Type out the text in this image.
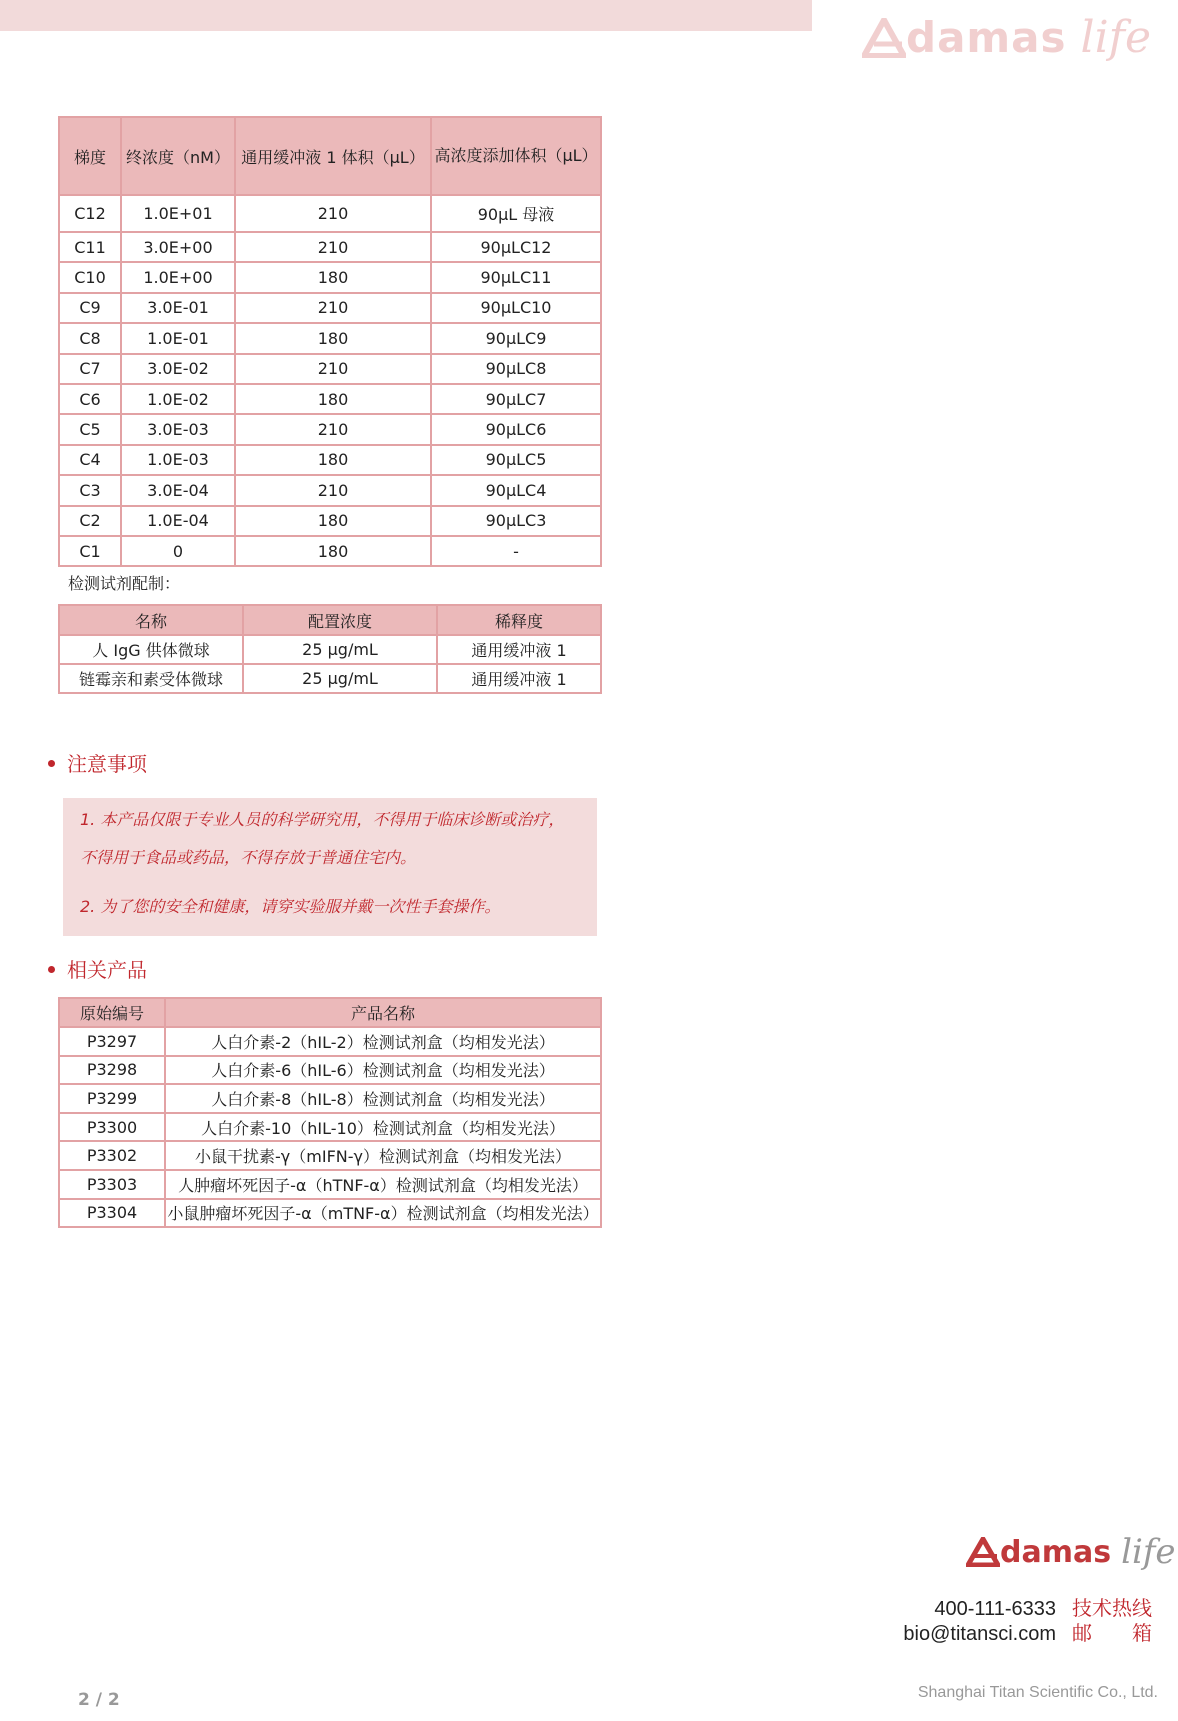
damas life
梯度	终浓度（nM）	通用缓冲液 1 体积（μL）	高浓度添加体积（μL）
C12	1.0E+01	210	90μL 母液
C11	3.0E+00	210	90μLC12
C10	1.0E+00	180	90μLC11
C9	3.0E-01	210	90μLC10
C8	1.0E-01	180	90μLC9
C7	3.0E-02	210	90μLC8
C6	1.0E-02	180	90μLC7
C5	3.0E-03	210	90μLC6
C4	1.0E-03	180	90μLC5
C3	3.0E-04	210	90μLC4
C2	1.0E-04	180	90μLC3
C1	0	180	-
检测试剂配制：
名称	配置浓度	稀释度
人 IgG 供体微球	25 μg/mL	通用缓冲液 1
链霉亲和素受体微球	25 μg/mL	通用缓冲液 1
注意事项

1. 本产品仅限于专业人员的科学研究用，不得用于临床诊断或治疗，

不得用于食品或药品，不得存放于普通住宅内。

2. 为了您的安全和健康，请穿实验服并戴一次性手套操作。

相关产品
原始编号	产品名称
P3297	人白介素-2（hIL-2）检测试剂盒（均相发光法）
P3298	人白介素-6（hIL-6）检测试剂盒（均相发光法）
P3299	人白介素-8（hIL-8）检测试剂盒（均相发光法）
P3300	人白介素-10（hIL-10）检测试剂盒（均相发光法）
P3302	小鼠干扰素-γ（mIFN-γ）检测试剂盒（均相发光法）
P3303	人肿瘤坏死因子-α（hTNF-α）检测试剂盒（均相发光法）
P3304	小鼠肿瘤坏死因子-α（mTNF-α）检测试剂盒（均相发光法）
damas life
400-111-6333 技术热线
bio@titansci.com 邮　　箱
2 / 2	Shanghai Titan Scientific Co., Ltd.
